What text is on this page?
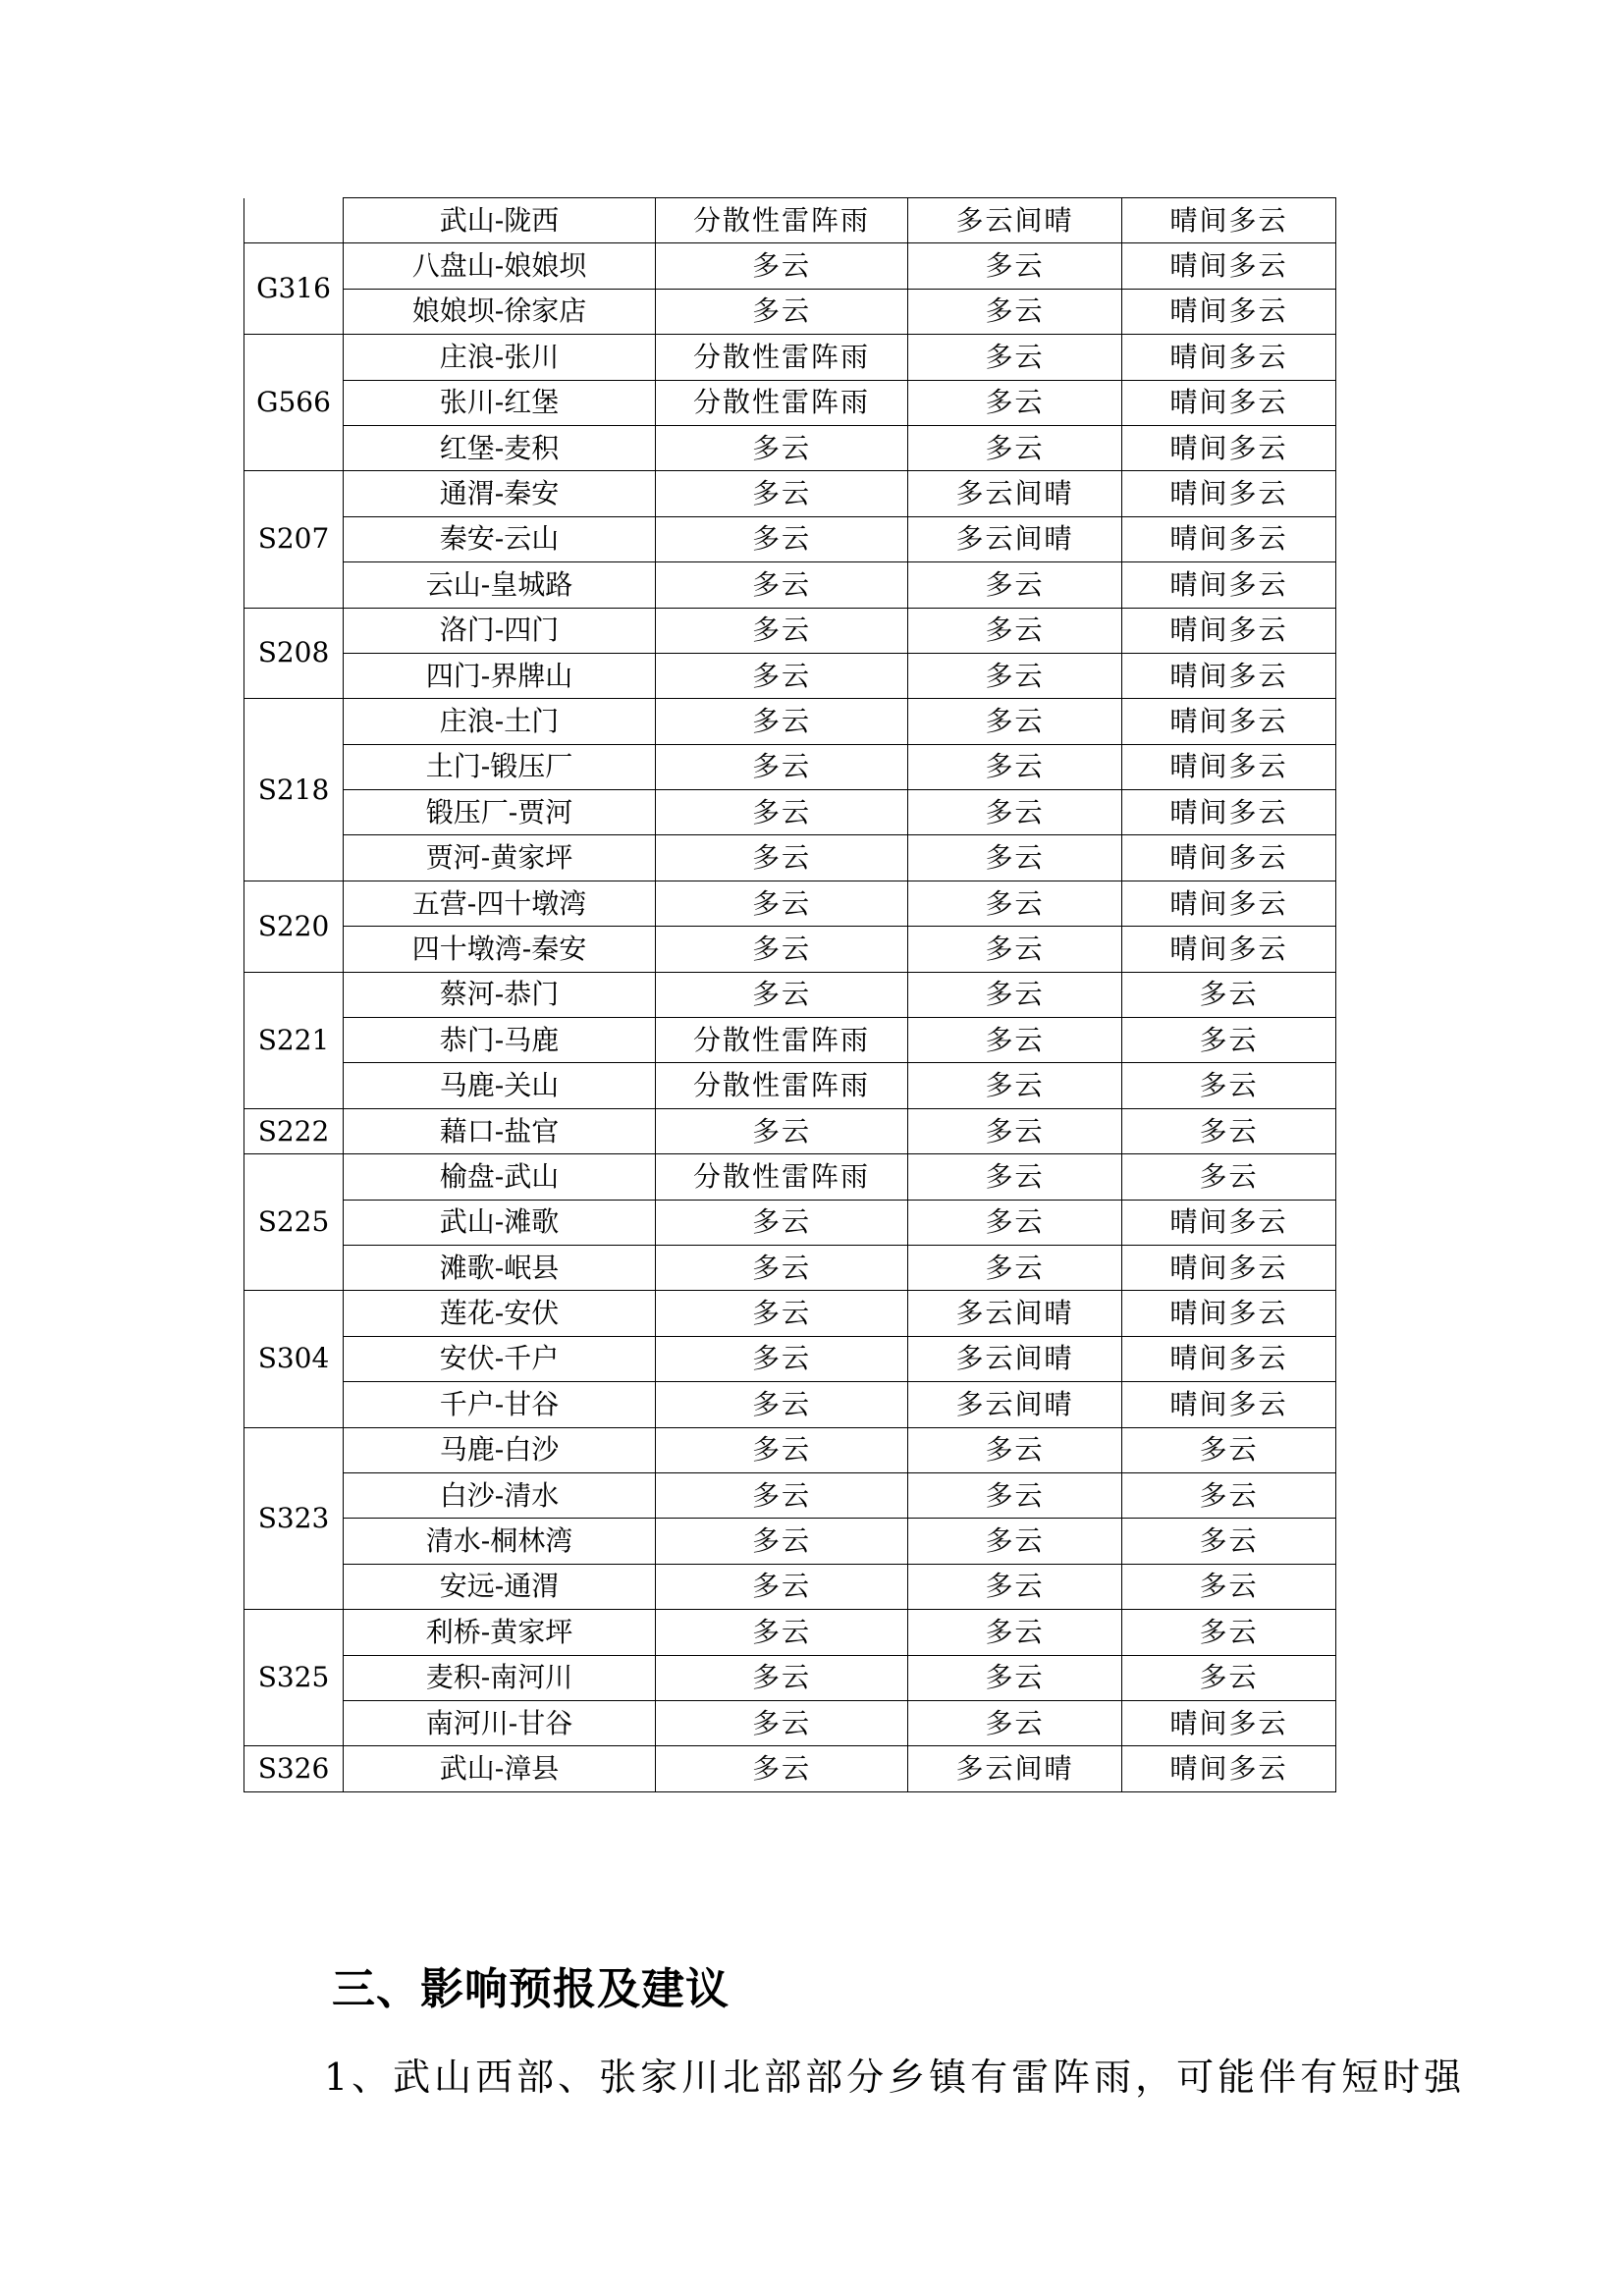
	武山-陇西	分散性雷阵雨	多云间晴	晴间多云
G316	八盘山-娘娘坝	多云	多云	晴间多云
	娘娘坝-徐家店	多云	多云	晴间多云
G566	庄浪-张川	分散性雷阵雨	多云	晴间多云
	张川-红堡	分散性雷阵雨	多云	晴间多云
	红堡-麦积	多云	多云	晴间多云
S207	通渭-秦安	多云	多云间晴	晴间多云
	秦安-云山	多云	多云间晴	晴间多云
	云山-皇城路	多云	多云	晴间多云
S208	洛门-四门	多云	多云	晴间多云
	四门-界牌山	多云	多云	晴间多云
S218	庄浪-土门	多云	多云	晴间多云
	土门-锻压厂	多云	多云	晴间多云
	锻压厂-贾河	多云	多云	晴间多云
	贾河-黄家坪	多云	多云	晴间多云
S220	五营-四十墩湾	多云	多云	晴间多云
	四十墩湾-秦安	多云	多云	晴间多云
S221	蔡河-恭门	多云	多云	多云
	恭门-马鹿	分散性雷阵雨	多云	多云
	马鹿-关山	分散性雷阵雨	多云	多云
S222	藉口-盐官	多云	多云	多云
S225	榆盘-武山	分散性雷阵雨	多云	多云
	武山-滩歌	多云	多云	晴间多云
	滩歌-岷县	多云	多云	晴间多云
S304	莲花-安伏	多云	多云间晴	晴间多云
	安伏-千户	多云	多云间晴	晴间多云
	千户-甘谷	多云	多云间晴	晴间多云
S323	马鹿-白沙	多云	多云	多云
	白沙-清水	多云	多云	多云
	清水-桐林湾	多云	多云	多云
	安远-通渭	多云	多云	多云
S325	利桥-黄家坪	多云	多云	多云
	麦积-南河川	多云	多云	多云
	南河川-甘谷	多云	多云	晴间多云
S326	武山-漳县	多云	多云间晴	晴间多云
三、影响预报及建议
1、武山西部、张家川北部部分乡镇有雷阵雨，可能伴有短时强
